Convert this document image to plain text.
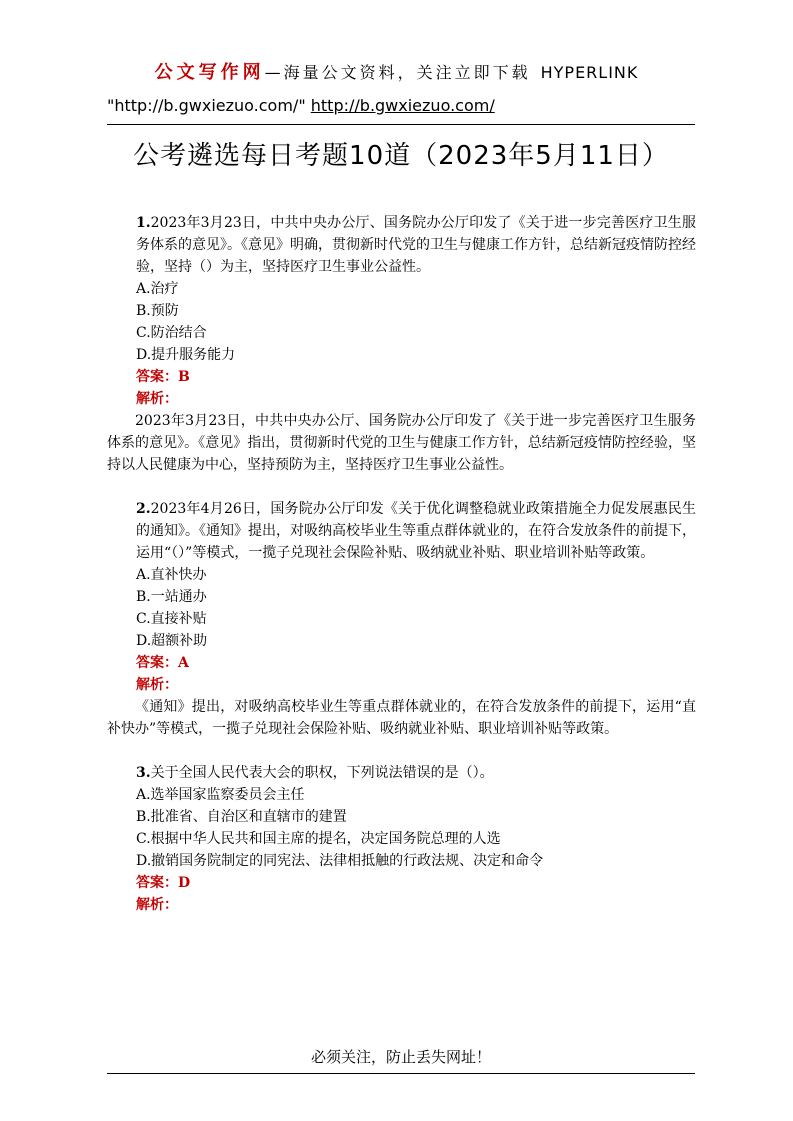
公文写作网—海量公文资料，关注立即下载 HYPERLINK
"http://b.gwxiezuo.com/" http://b.gwxiezuo.com/
公考遴选每日考题10道（2023年5月11日）

1.2023年3月23日，中共中央办公厅、国务院办公厅印发了《关于进一步完善医疗卫生服务体系的意见》。《意见》明确，贯彻新时代党的卫生与健康工作方针，总结新冠疫情防控经验，坚持（）为主，坚持医疗卫生事业公益性。

A.治疗

B.预防

C.防治结合

D.提升服务能力

答案：B

解析：

2023年3月23日，中共中央办公厅、国务院办公厅印发了《关于进一步完善医疗卫生服务体系的意见》。《意见》指出，贯彻新时代党的卫生与健康工作方针，总结新冠疫情防控经验，坚持以人民健康为中心，坚持预防为主，坚持医疗卫生事业公益性。

2.2023年4月26日，国务院办公厅印发《关于优化调整稳就业政策措施全力促发展惠民生的通知》。《通知》提出，对吸纳高校毕业生等重点群体就业的，在符合发放条件的前提下，运用“（）”等模式，一揽子兑现社会保险补贴、吸纳就业补贴、职业培训补贴等政策。

A.直补快办

B.一站通办

C.直接补贴

D.超额补助

答案：A

解析：

《通知》提出，对吸纳高校毕业生等重点群体就业的，在符合发放条件的前提下，运用“直补快办”等模式，一揽子兑现社会保险补贴、吸纳就业补贴、职业培训补贴等政策。

3.关于全国人民代表大会的职权，下列说法错误的是（）。

A.选举国家监察委员会主任

B.批准省、自治区和直辖市的建置

C.根据中华人民共和国主席的提名，决定国务院总理的人选

D.撤销国务院制定的同宪法、法律相抵触的行政法规、决定和命令

答案：D

解析：

必须关注，防止丢失网址！
